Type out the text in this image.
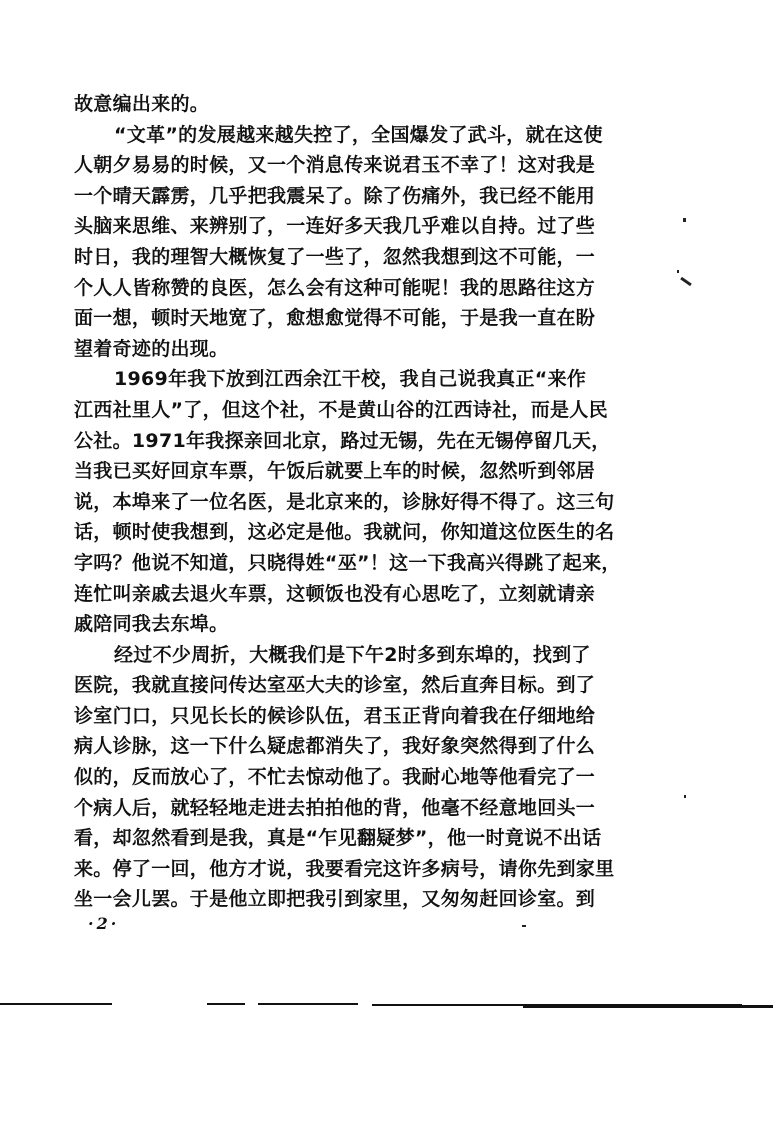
故意编出来的。
“文革”的发展越来越失控了，全国爆发了武斗，就在这使
人朝夕易易的时候，又一个消息传来说君玉不幸了！这对我是
一个晴天霹雳，几乎把我震呆了。除了伤痛外，我已经不能用
头脑来思维、来辨别了，一连好多天我几乎难以自持。过了些
时日，我的理智大概恢复了一些了，忽然我想到这不可能，一
个人人皆称赞的良医，怎么会有这种可能呢！我的思路往这方
面一想，顿时天地宽了，愈想愈觉得不可能，于是我一直在盼
望着奇迹的出现。
1969年我下放到江西余江干校，我自己说我真正“来作
江西社里人”了，但这个社，不是黄山谷的江西诗社，而是人民
公社。1971年我探亲回北京，路过无锡，先在无锡停留几天，
当我已买好回京车票，午饭后就要上车的时候，忽然听到邻居
说，本埠来了一位名医，是北京来的，诊脉好得不得了。这三句
话，顿时使我想到，这必定是他。我就问，你知道这位医生的名
字吗？他说不知道，只晓得姓“巫”！这一下我高兴得跳了起来，
连忙叫亲戚去退火车票，这顿饭也没有心思吃了，立刻就请亲
戚陪同我去东埠。
经过不少周折，大概我们是下午2时多到东埠的，找到了
医院，我就直接问传达室巫大夫的诊室，然后直奔目标。到了
诊室门口，只见长长的候诊队伍，君玉正背向着我在仔细地给
病人诊脉，这一下什么疑虑都消失了，我好象突然得到了什么
似的，反而放心了，不忙去惊动他了。我耐心地等他看完了一
个病人后，就轻轻地走进去拍拍他的背，他毫不经意地回头一
看，却忽然看到是我，真是“乍见翻疑梦”，他一时竟说不出话
来。停了一回，他方才说，我要看完这许多病号，请你先到家里
坐一会儿罢。于是他立即把我引到家里，又匆匆赶回诊室。到
·2·
